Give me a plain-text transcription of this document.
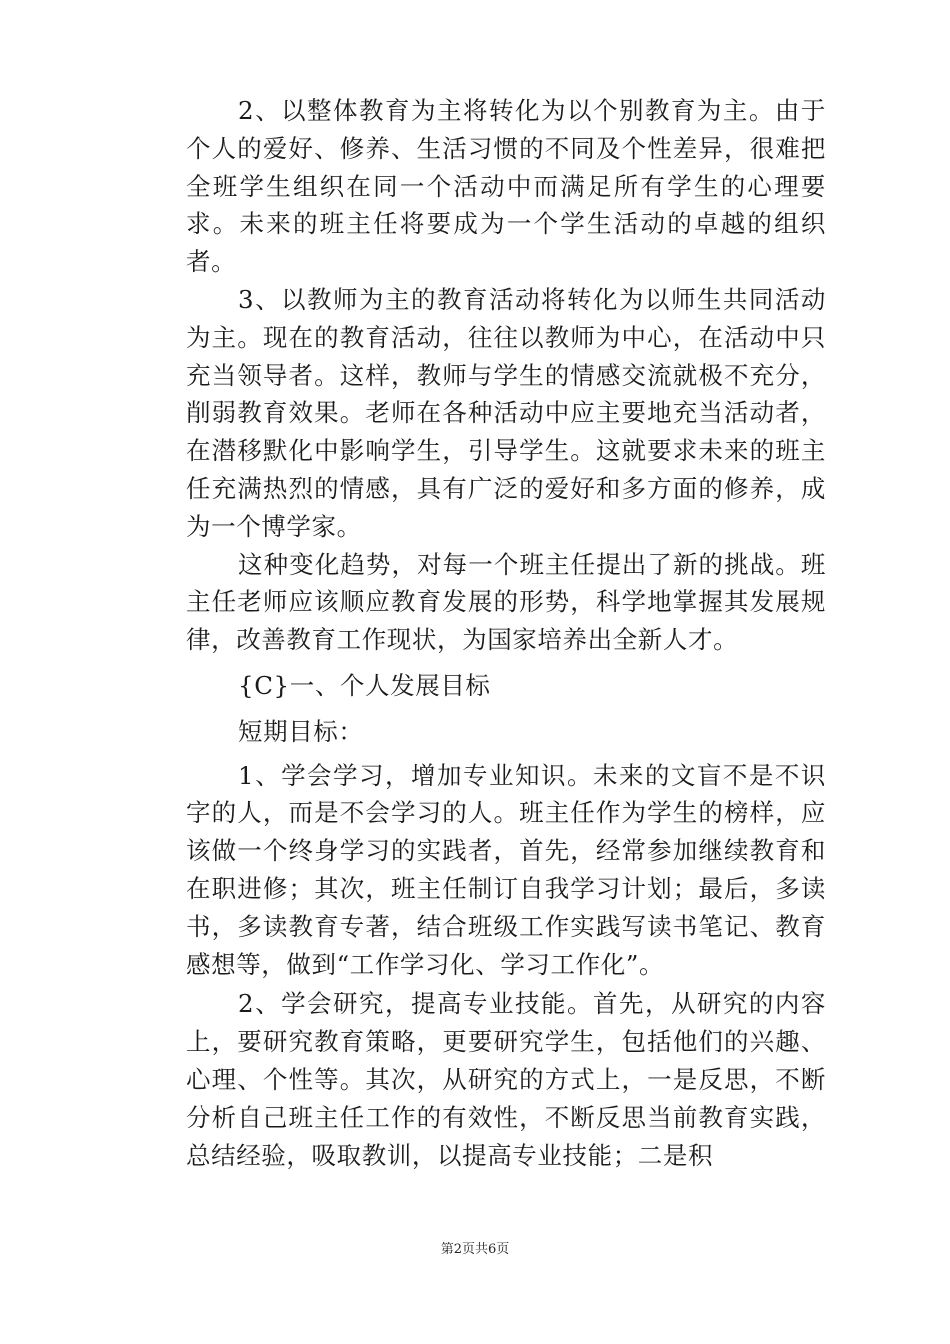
2、以整体教育为主将转化为以个别教育为主。由于个人的爱好、修养、生活习惯的不同及个性差异，很难把全班学生组织在同一个活动中而满足所有学生的心理要求。未来的班主任将要成为一个学生活动的卓越的组织者。

3、以教师为主的教育活动将转化为以师生共同活动为主。现在的教育活动，往往以教师为中心，在活动中只充当领导者。这样，教师与学生的情感交流就极不充分，削弱教育效果。老师在各种活动中应主要地充当活动者，在潜移默化中影响学生，引导学生。这就要求未来的班主任充满热烈的情感，具有广泛的爱好和多方面的修养，成为一个博学家。

这种变化趋势，对每一个班主任提出了新的挑战。班主任老师应该顺应教育发展的形势，科学地掌握其发展规律，改善教育工作现状，为国家培养出全新人才。

{C}一、个人发展目标

短期目标：

1、学会学习，增加专业知识。未来的文盲不是不识字的人，而是不会学习的人。班主任作为学生的榜样，应该做一个终身学习的实践者，首先，经常参加继续教育和在职进修；其次，班主任制订自我学习计划；最后，多读书，多读教育专著，结合班级工作实践写读书笔记、教育感想等，做到“工作学习化、学习工作化”。

2、学会研究，提高专业技能。首先，从研究的内容上，要研究教育策略，更要研究学生，包括他们的兴趣、心理、个性等。其次，从研究的方式上，一是反思，不断分析自己班主任工作的有效性，不断反思当前教育实践，总结经验，吸取教训，以提高专业技能；二是积

第2页共6页
